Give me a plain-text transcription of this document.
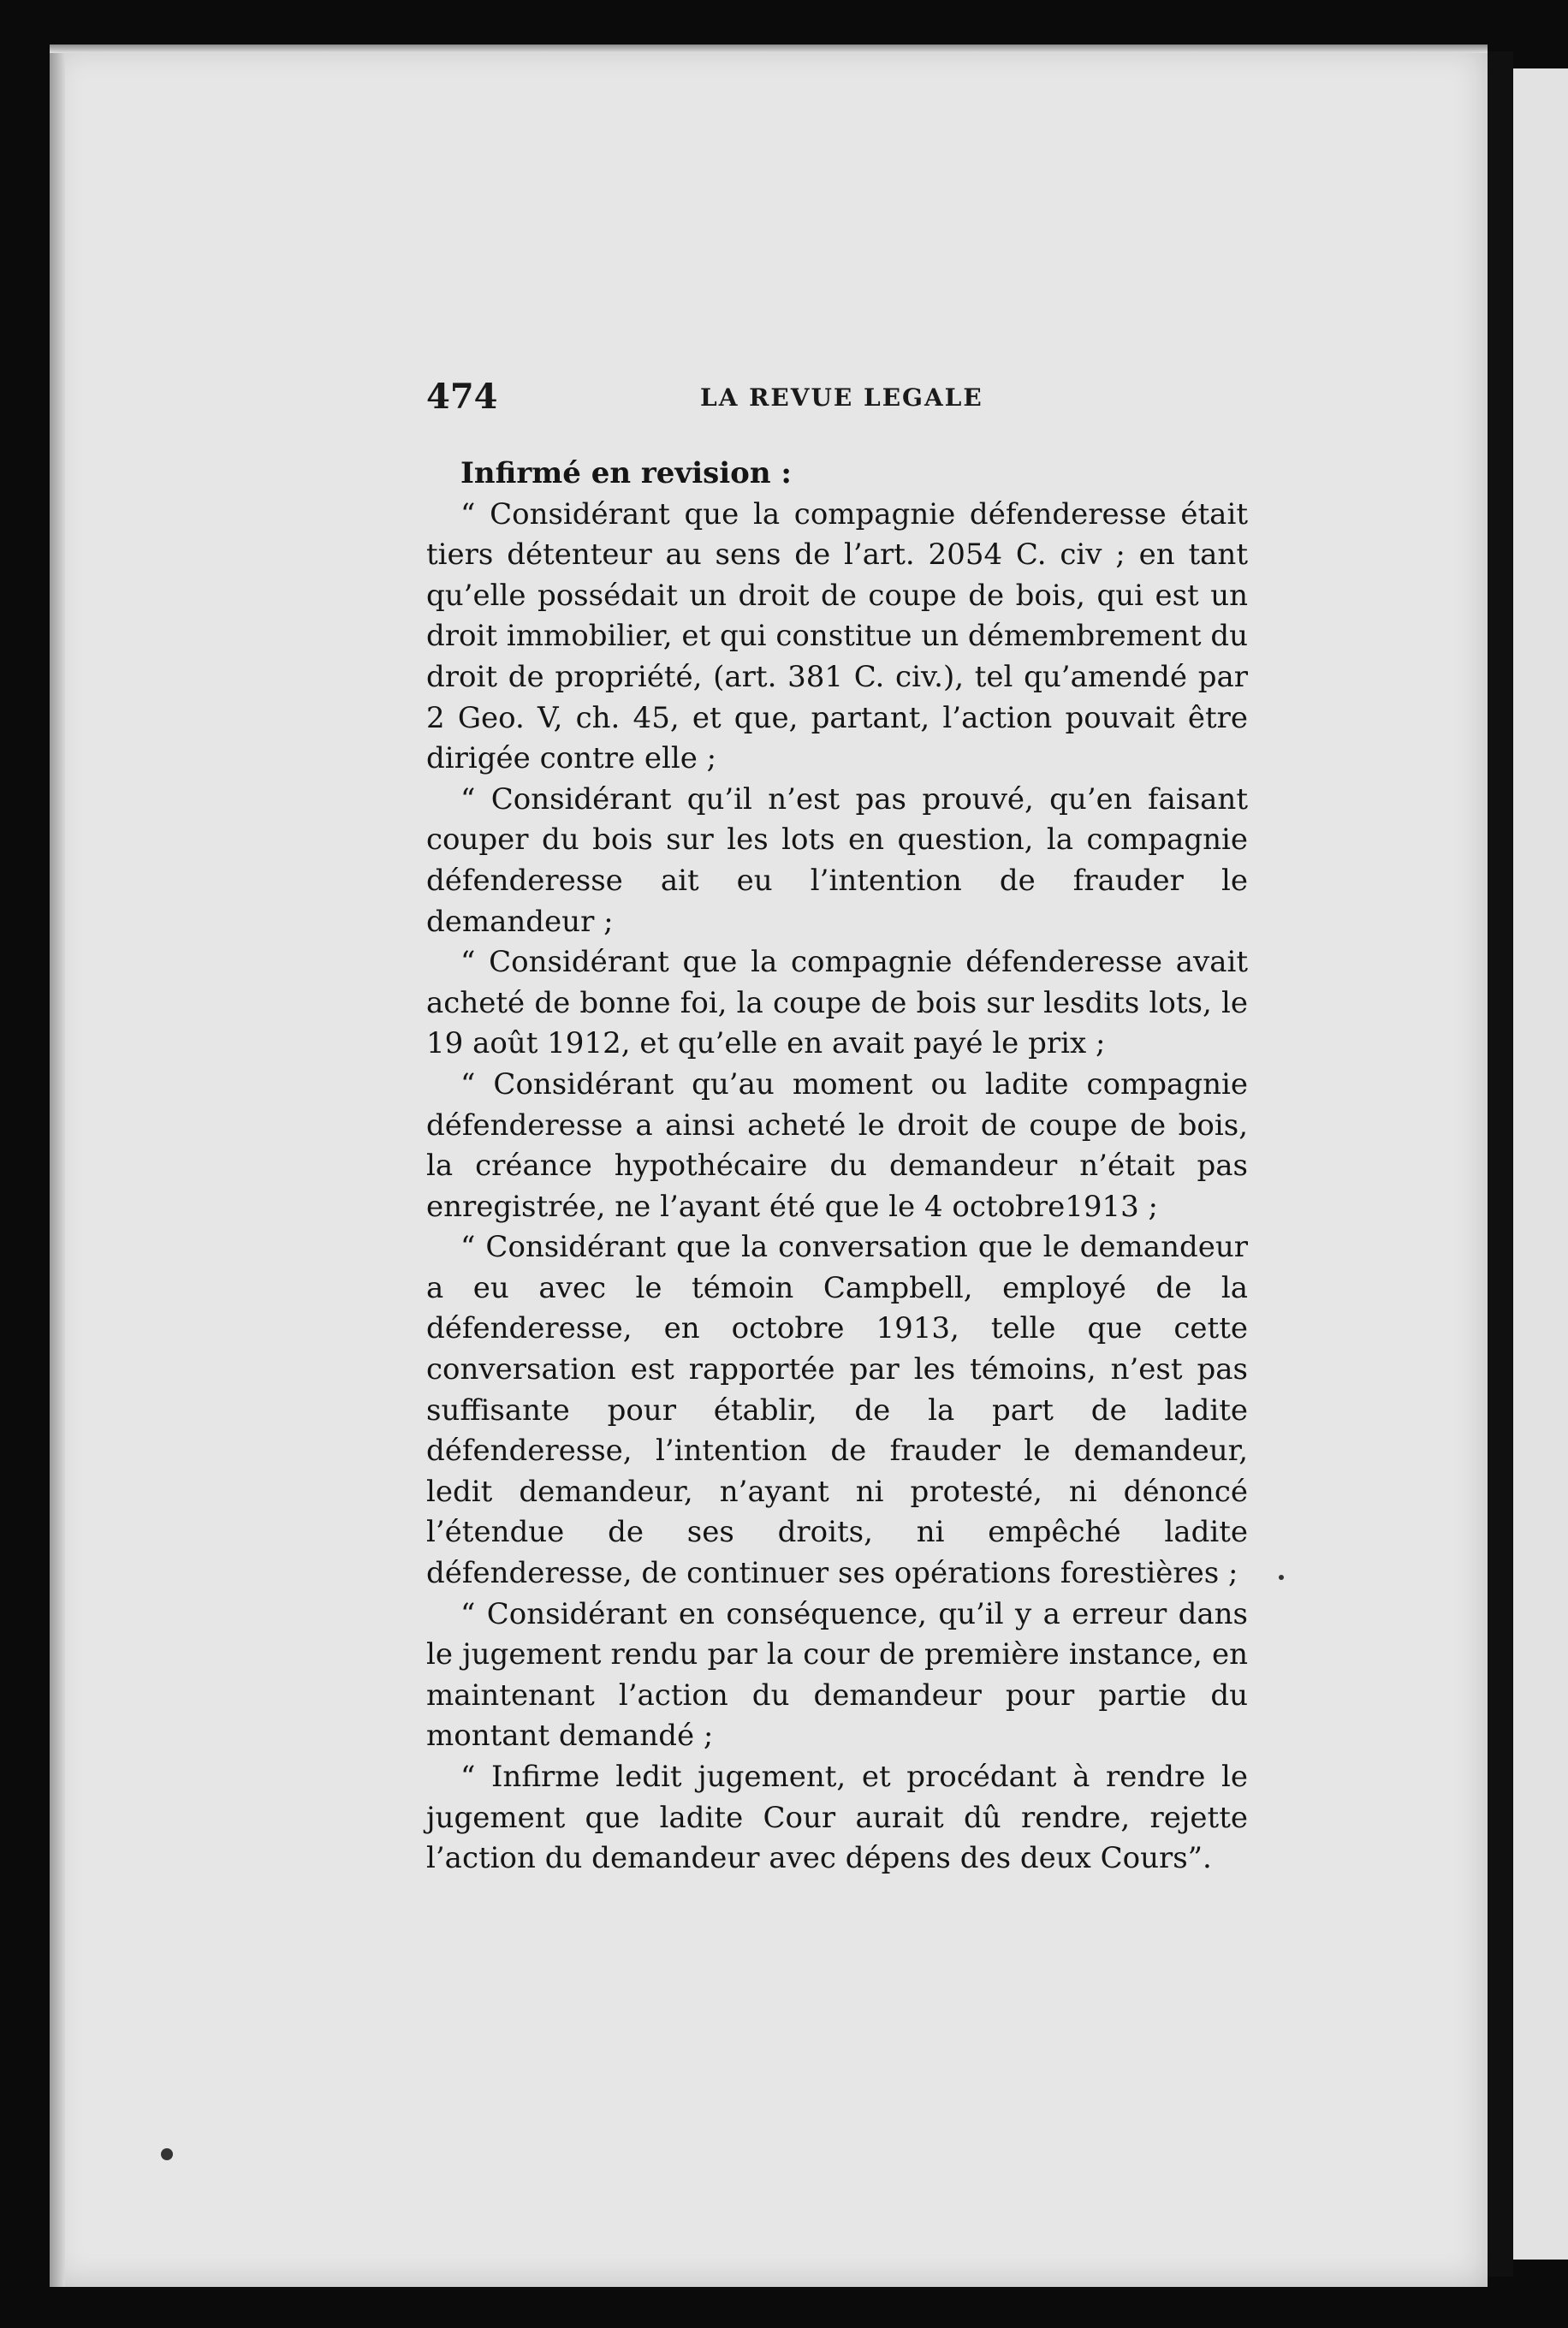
474	LA REVUE LEGALE

Infirmé en revision :

“ Considérant que la compagnie défenderesse était tiers détenteur au sens de l’art. 2054 C. civ ; en tant qu’elle possédait un droit de coupe de bois, qui est un droit immobilier, et qui constitue un démembrement du droit de propriété, (art. 381 C. civ.), tel qu’amendé par 2 Geo. V, ch. 45, et que, partant, l’action pouvait être dirigée contre elle ;

“ Considérant qu’il n’est pas prouvé, qu’en faisant couper du bois sur les lots en question, la compagnie défenderesse ait eu l’intention de frauder le demandeur ;

“ Considérant que la compagnie défenderesse avait acheté de bonne foi, la coupe de bois sur lesdits lots, le 19 août 1912, et qu’elle en avait payé le prix ;

“ Considérant qu’au moment ou ladite compagnie défenderesse a ainsi acheté le droit de coupe de bois, la créance hypothécaire du demandeur n’était pas enregistrée, ne l’ayant été que le 4 octobre1913 ;

“ Considérant que la conversation que le demandeur a eu avec le témoin Campbell, employé de la défenderesse, en octobre 1913, telle que cette conversation est rapportée par les témoins, n’est pas suffisante pour établir, de la part de ladite défenderesse, l’intention de frauder le demandeur, ledit demandeur, n’ayant ni protesté, ni dénoncé l’étendue de ses droits, ni empêché ladite défenderesse, de continuer ses opérations forestières ;

“ Considérant en conséquence, qu’il y a erreur dans le jugement rendu par la cour de première instance, en maintenant l’action du demandeur pour partie du montant demandé ;

“ Infirme ledit jugement, et procédant à rendre le jugement que ladite Cour aurait dû rendre, rejette l’action du demandeur avec dépens des deux Cours”.
